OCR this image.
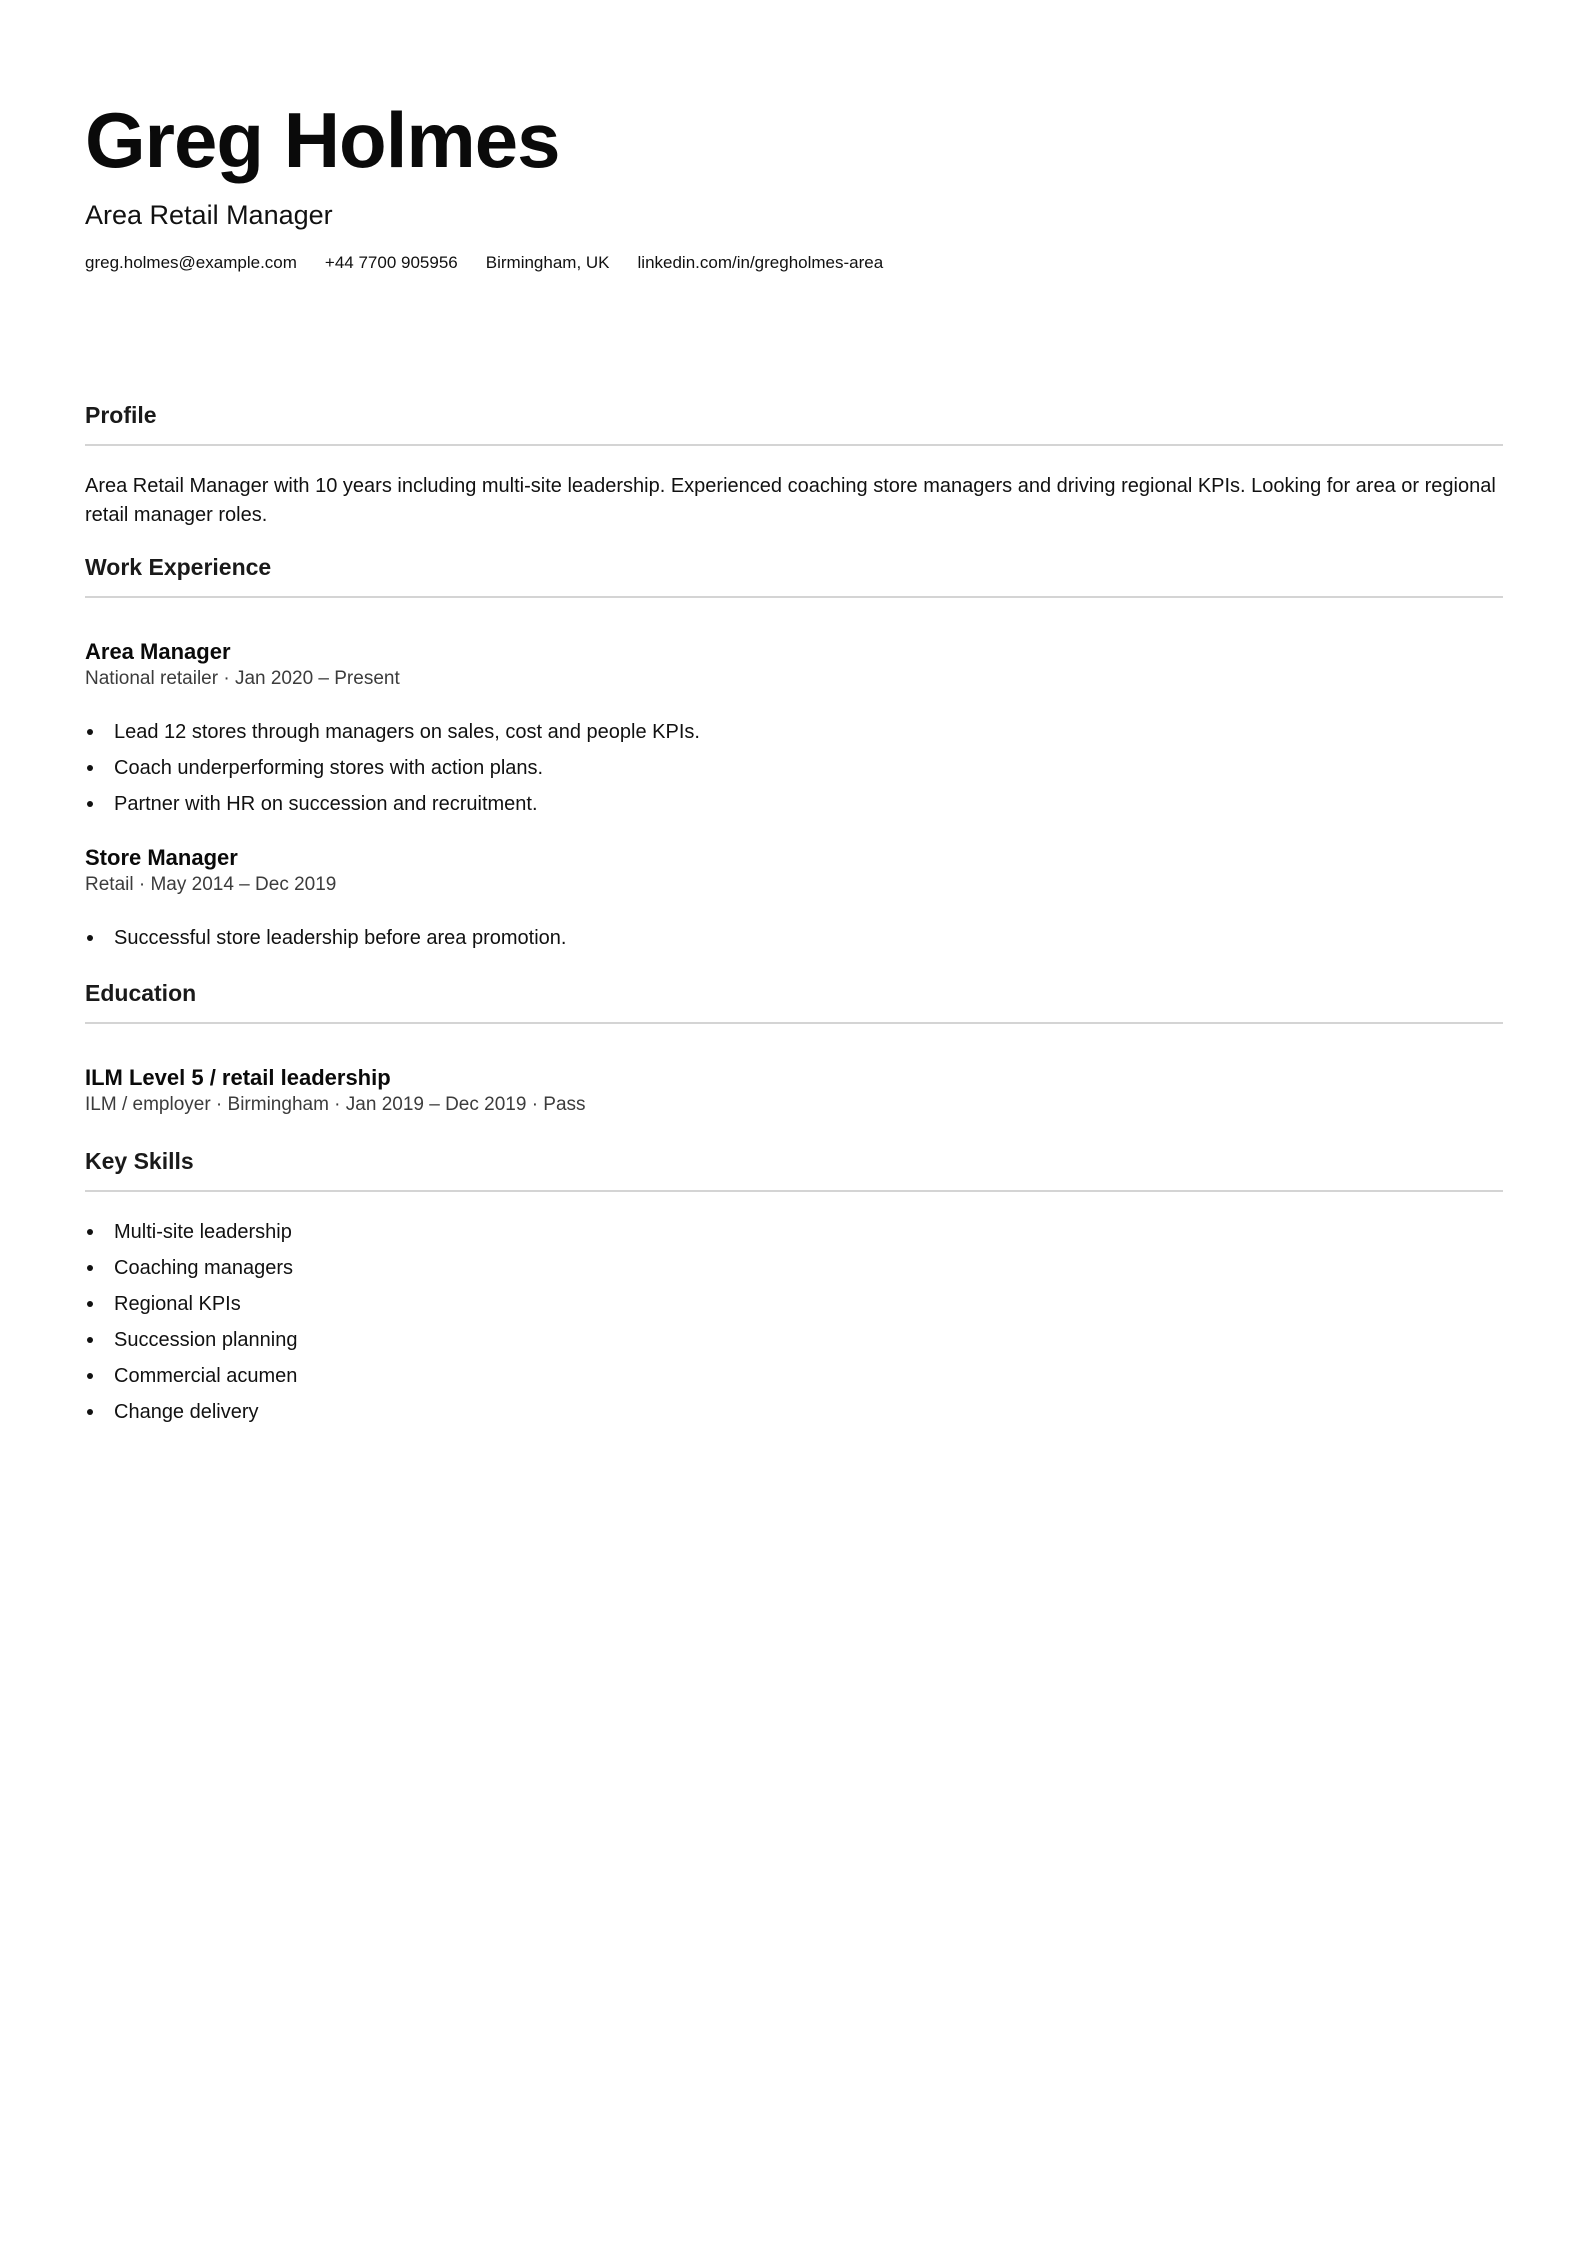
Greg Holmes
Area Retail Manager
greg.holmes@example.com +44 7700 905956 Birmingham, UK linkedin.com/in/gregholmes-area
Profile

Area Retail Manager with 10 years including multi-site leadership. Experienced coaching store managers and driving regional KPIs. Looking for area or regional retail manager roles.

Work Experience
Area Manager
National retailer · Jan 2020 – Present
Lead 12 stores through managers on sales, cost and people KPIs.
Coach underperforming stores with action plans.
Partner with HR on succession and recruitment.
Store Manager
Retail · May 2014 – Dec 2019
Successful store leadership before area promotion.
Education
ILM Level 5 / retail leadership
ILM / employer · Birmingham · Jan 2019 – Dec 2019 · Pass
Key Skills
Multi-site leadership
Coaching managers
Regional KPIs
Succession planning
Commercial acumen
Change delivery
